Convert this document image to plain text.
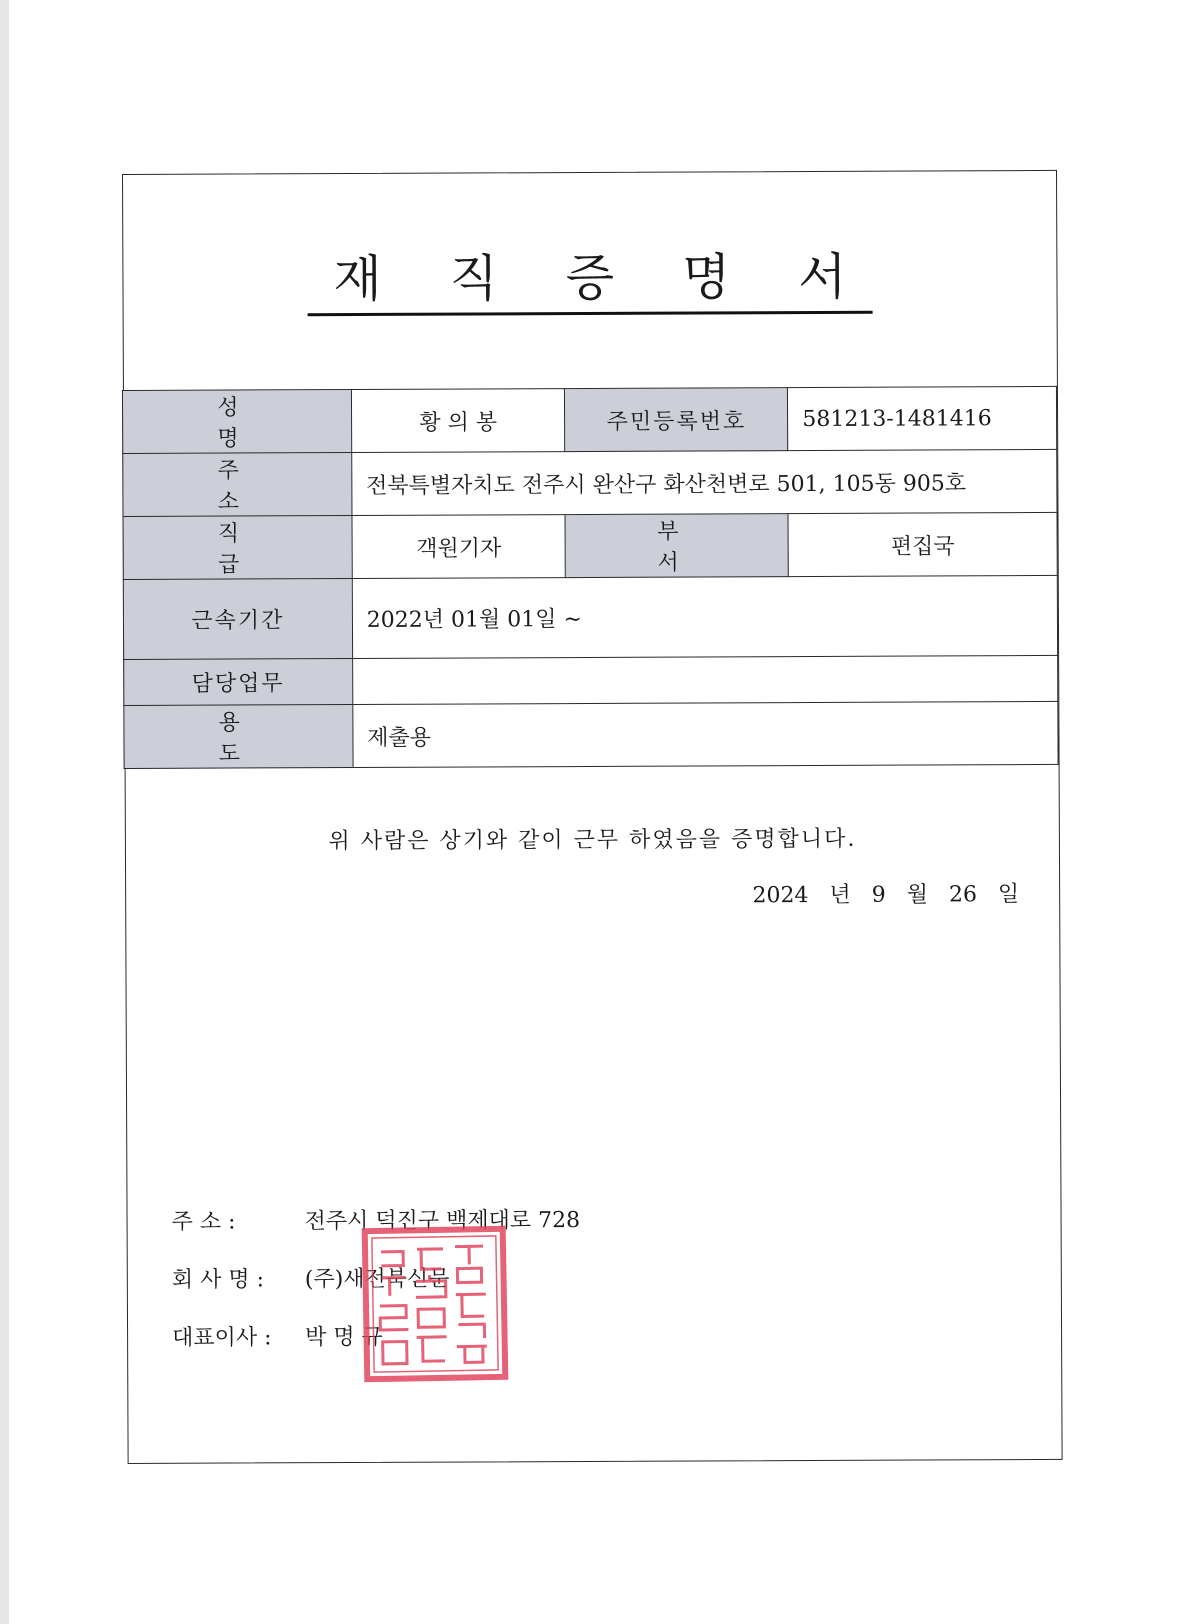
재 직 증 명 서
성 명	황 의 봉	주민등록번호	581213-1481416
주 소	전북특별자치도 전주시 완산구 화산천변로 501, 105동 905호		
직 급	객원기자	부 서	편집국
근속기간	2022년 01월 01일 ~		
담당업무			
용 도	제출용		
위 사람은 상기와 같이 근무 하였음을 증명합니다.
2024 년 9 월 26 일
주 소 :	전주시 덕진구 백제대로 728
회 사 명 : (주)새전북신문
대표이사 : 박 명 규
